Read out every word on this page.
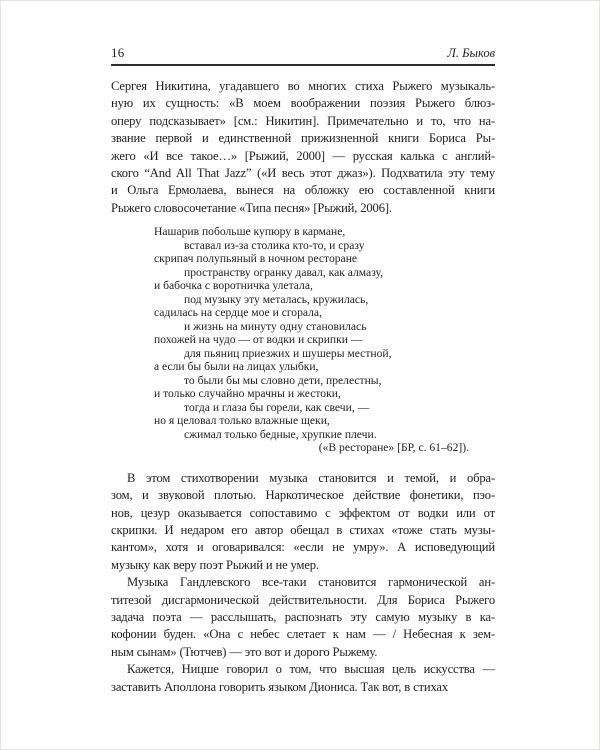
16	Л. Быков
Сергея Никитина, угадавшего во многих стиха Рыжего музыкаль-
ную их сущность: «В моем воображении поэзия Рыжего блюз-
оперу подсказывает» [см.: Никитин]. Примечательно и то, что на-
звание первой и единственной прижизненной книги Бориса Ры-
жего «И все такое…» [Рыжий, 2000] — русская калька с англий-
ского “And All That Jazz” («И весь этот джаз»). Подхватила эту тему
и Ольга Ермолаева, вынеся на обложку ею составленной книги
Рыжего словосочетание «Типа песня» [Рыжий, 2006].
Нашарив побольше купюру в кармане,
вставал из-за столика кто-то, и сразу
скрипач полупьяный в ночном ресторане
пространству огранку давал, как алмазу,
и бабочка с воротничка улетала,
под музыку эту металась, кружилась,
садилась на сердце мое и сгорала,
и жизнь на минуту одну становилась
похожей на чудо — от водки и скрипки —
для пьяниц приезжих и шушеры местной,
а если бы были на лицах улыбки,
то были бы мы словно дети, прелестны,
и только случайно мрачны и жестоки,
тогда и глаза бы горели, как свечи, —
но я целовал только влажные щеки,
сжимал только бедные, хрупкие плечи.
(«В ресторане» [БР, с. 61–62]).
В этом стихотворении музыка становится и темой, и обра-
зом, и звуковой плотью. Наркотическое действие фонетики, пэо-
нов, цезур оказывается сопоставимо с эффектом от водки или от
скрипки. И недаром его автор обещал в стихах «тоже стать музы-
кантом», хотя и оговаривался: «если не умру». А исповедующий
музыку как веру поэт Рыжий и не умер.
Музыка Гандлевского все-таки становится гармонической ан-
титезой дисгармонической действительности. Для Бориса Рыжего
задача поэта — расслышать, распознать эту самую музыку в ка-
кофонии буден. «Она с небес слетает к нам — / Небесная к зем-
ным сынам» (Тютчев) — это вот и дорого Рыжему.
Кажется, Ницше говорил о том, что высшая цель искусства —
заставить Аполлона говорить языком Диониса. Так вот, в стихах
